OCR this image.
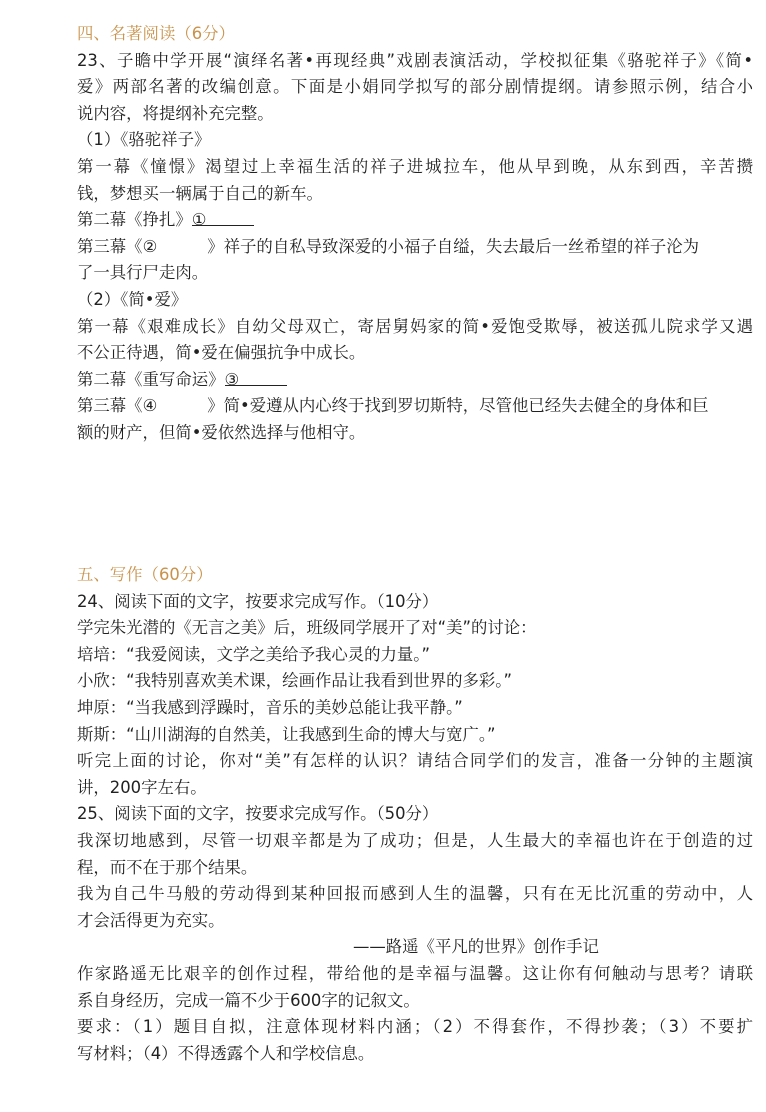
四、名著阅读（6分）
23、子瞻中学开展“演绎名著•再现经典”戏剧表演活动，学校拟征集《骆驼祥子》《简•
爱》两部名著的改编创意。下面是小娟同学拟写的部分剧情提纲。请参照示例，结合小
说内容，将提纲补充完整。
（1）《骆驼祥子》
第一幕《憧憬》渴望过上幸福生活的祥子进城拉车，他从早到晚，从东到西，辛苦攒
钱，梦想买一辆属于自己的新车。
第二幕《挣扎》①
第三幕《②	》祥子的自私导致深爱的小福子自缢，失去最后一丝希望的祥子沦为
了一具行尸走肉。
（2）《简•爱》
第一幕《艰难成长》自幼父母双亡，寄居舅妈家的简•爱饱受欺辱，被送孤儿院求学又遇
不公正待遇，简•爱在偏强抗争中成长。
第二幕《重写命运》③
第三幕《④	》简•爱遵从内心终于找到罗切斯特，尽管他已经失去健全的身体和巨
额的财产，但简•爱依然选择与他相守。
五、写作（60分）
24、阅读下面的文字，按要求完成写作。（10分）
学完朱光潜的《无言之美》后，班级同学展开了对“美”的讨论：
培培：“我爱阅读，文学之美给予我心灵的力量。”
小欣：“我特别喜欢美术课，绘画作品让我看到世界的多彩。”
坤原：“当我感到浮躁时，音乐的美妙总能让我平静。”
斯斯：“山川湖海的自然美，让我感到生命的博大与宽广。”
听完上面的讨论，你对“美”有怎样的认识？请结合同学们的发言，准备一分钟的主题演
讲，200字左右。
25、阅读下面的文字，按要求完成写作。（50分）
我深切地感到，尽管一切艰辛都是为了成功；但是，人生最大的幸福也许在于创造的过
程，而不在于那个结果。
我为自己牛马般的劳动得到某种回报而感到人生的温馨，只有在无比沉重的劳动中，人
才会活得更为充实。
——路遥《平凡的世界》创作手记
作家路遥无比艰辛的创作过程，带给他的是幸福与温馨。这让你有何触动与思考？请联
系自身经历，完成一篇不少于600字的记叙文。
要求：（1）题目自拟，注意体现材料内涵；（2）不得套作，不得抄袭；（3）不要扩
写材料；（4）不得透露个人和学校信息。
